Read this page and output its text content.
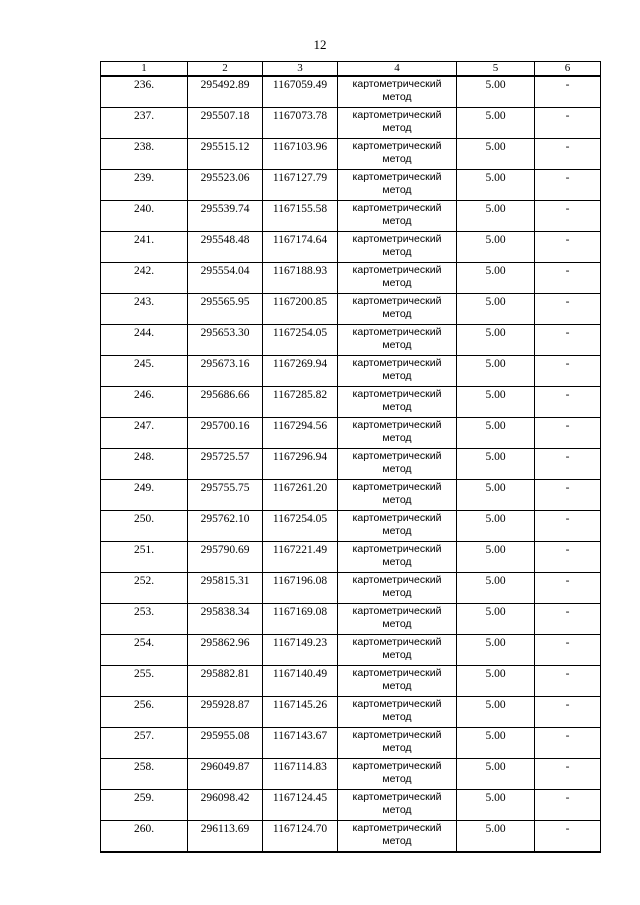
12
1	2	3	4	5	6
236.	295492.89	1167059.49	картометрический метод	5.00	-
237.	295507.18	1167073.78	картометрический метод	5.00	-
238.	295515.12	1167103.96	картометрический метод	5.00	-
239.	295523.06	1167127.79	картометрический метод	5.00	-
240.	295539.74	1167155.58	картометрический метод	5.00	-
241.	295548.48	1167174.64	картометрический метод	5.00	-
242.	295554.04	1167188.93	картометрический метод	5.00	-
243.	295565.95	1167200.85	картометрический метод	5.00	-
244.	295653.30	1167254.05	картометрический метод	5.00	-
245.	295673.16	1167269.94	картометрический метод	5.00	-
246.	295686.66	1167285.82	картометрический метод	5.00	-
247.	295700.16	1167294.56	картометрический метод	5.00	-
248.	295725.57	1167296.94	картометрический метод	5.00	-
249.	295755.75	1167261.20	картометрический метод	5.00	-
250.	295762.10	1167254.05	картометрический метод	5.00	-
251.	295790.69	1167221.49	картометрический метод	5.00	-
252.	295815.31	1167196.08	картометрический метод	5.00	-
253.	295838.34	1167169.08	картометрический метод	5.00	-
254.	295862.96	1167149.23	картометрический метод	5.00	-
255.	295882.81	1167140.49	картометрический метод	5.00	-
256.	295928.87	1167145.26	картометрический метод	5.00	-
257.	295955.08	1167143.67	картометрический метод	5.00	-
258.	296049.87	1167114.83	картометрический метод	5.00	-
259.	296098.42	1167124.45	картометрический метод	5.00	-
260.	296113.69	1167124.70	картометрический метод	5.00	-
